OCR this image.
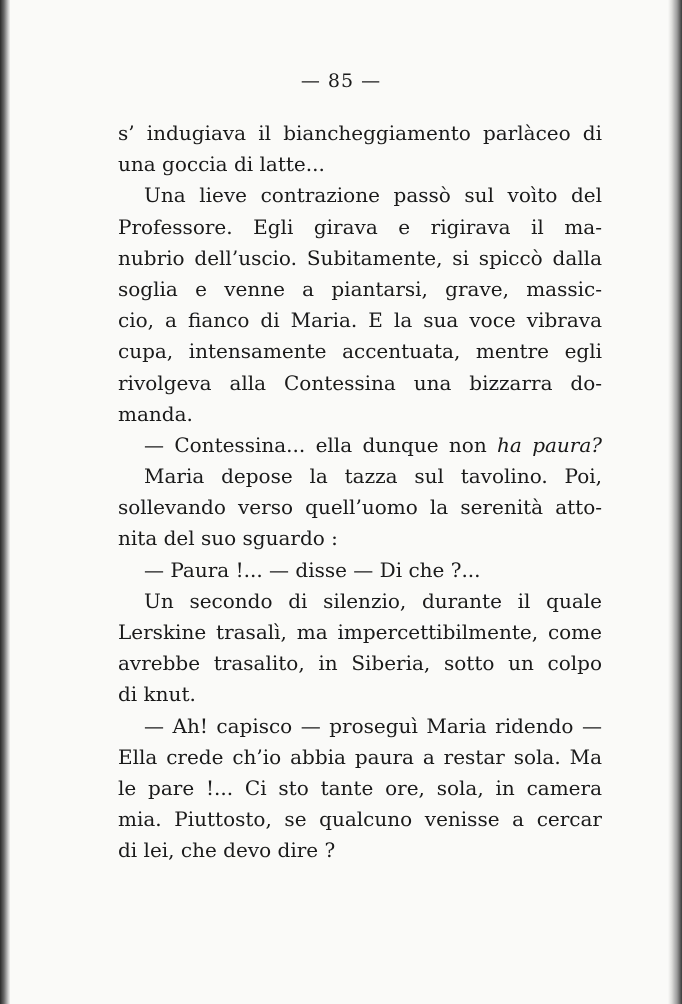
— 85 —
s’ indugiava il biancheggiamento parlàceo di
una goccia di latte...
Una lieve contrazione passò sul voìto del
Professore. Egli girava e rigirava il ma-
nubrio dell’uscio. Subitamente, si spiccò dalla
soglia e venne a piantarsi, grave, massic-
cio, a fianco di Maria. E la sua voce vibrava
cupa, intensamente accentuata, mentre egli
rivolgeva alla Contessina una bizzarra do-
manda.
— Contessina... ella dunque non ha paura?
Maria depose la tazza sul tavolino. Poi,
sollevando verso quell’uomo la serenità atto-
nita del suo sguardo :
— Paura !... — disse — Di che ?...
Un secondo di silenzio, durante il quale
Lerskine trasalì, ma impercettibilmente, come
avrebbe trasalito, in Siberia, sotto un colpo
di knut.
— Ah! capisco — proseguì Maria ridendo —
Ella crede ch’io abbia paura a restar sola. Ma
le pare !... Ci sto tante ore, sola, in camera
mia. Piuttosto, se qualcuno venisse a cercar
di lei, che devo dire ?
